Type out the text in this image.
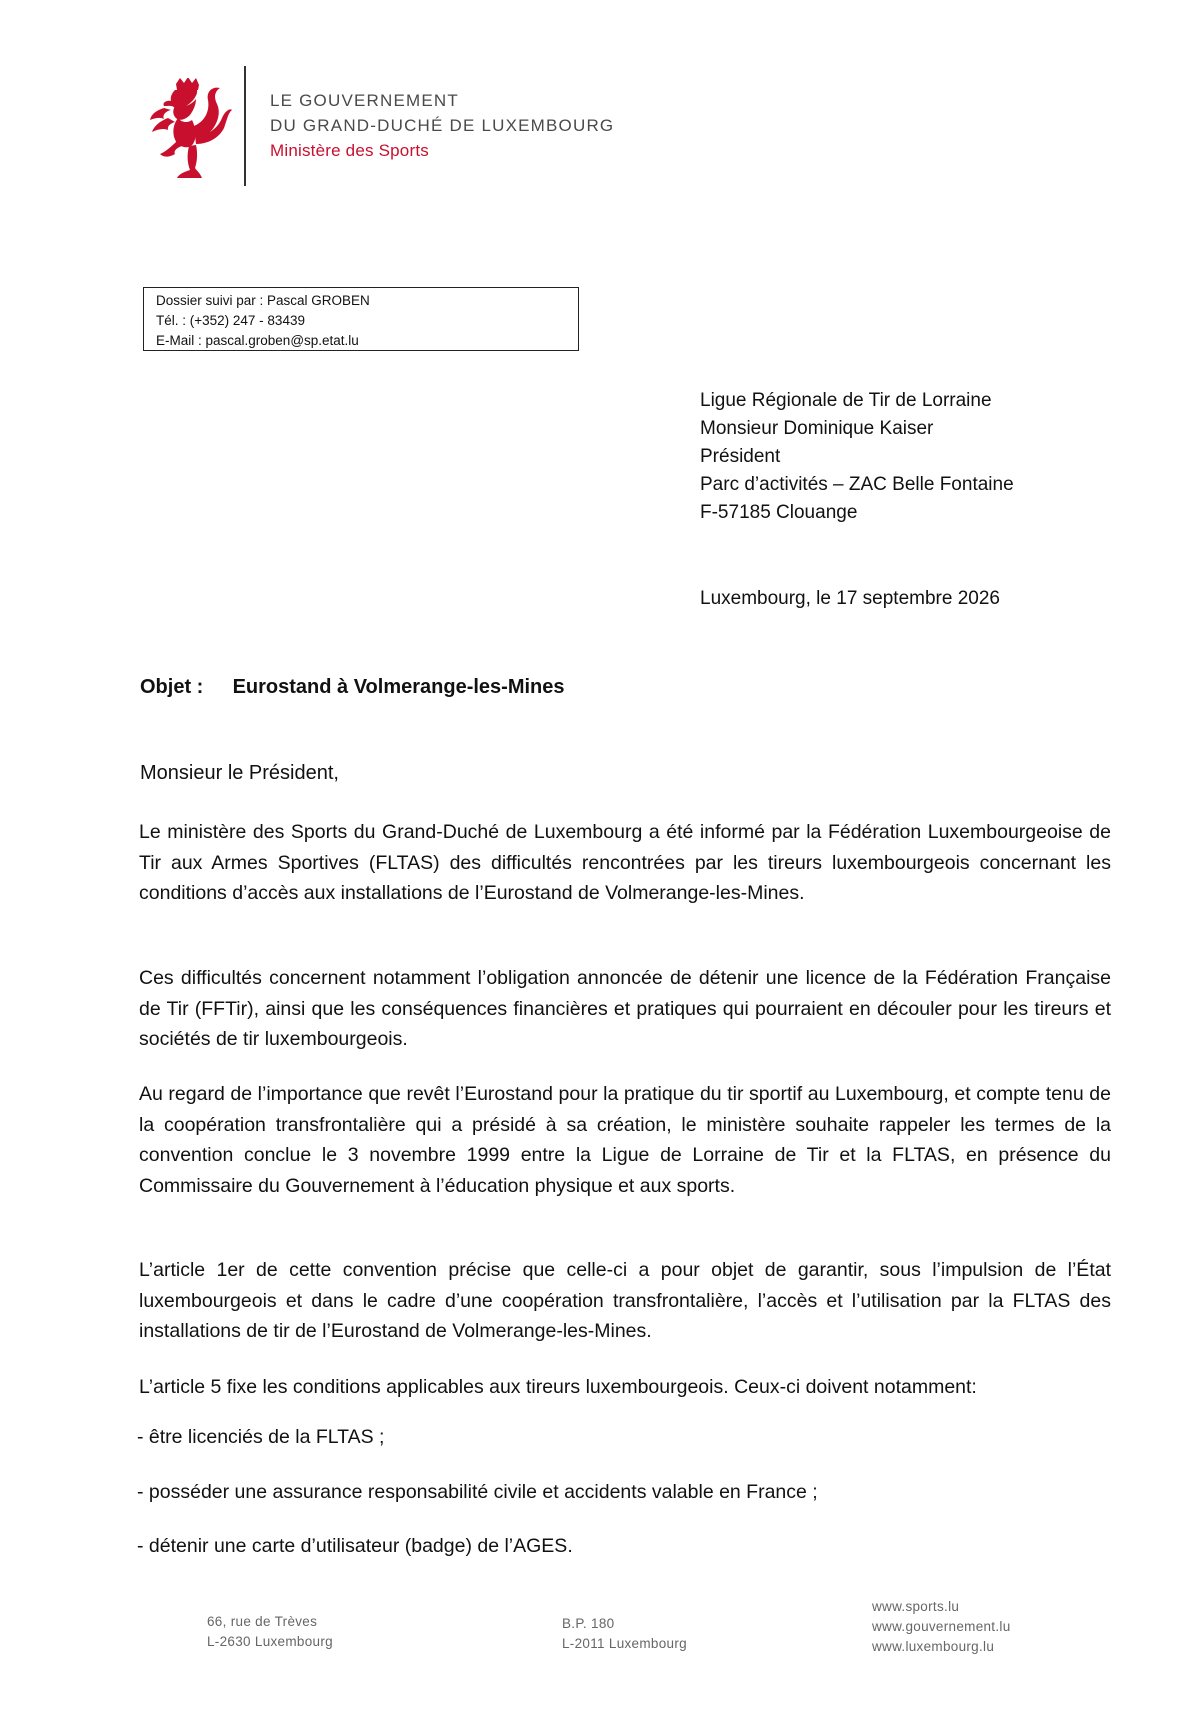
LE GOUVERNEMENT
DU GRAND-DUCHÉ DE LUXEMBOURG
Ministère des Sports
Dossier suivi par : Pascal GROBEN
Tél. : (+352) 247 - 83439
E-Mail : pascal.groben@sp.etat.lu
Ligue Régionale de Tir de Lorraine
Monsieur Dominique Kaiser
Président
Parc d’activités – ZAC Belle Fontaine
F-57185 Clouange
Luxembourg, le 17 septembre 2026
Objet : Eurostand à Volmerange-les-Mines
Monsieur le Président,

Le ministère des Sports du Grand-Duché de Luxembourg a été informé par la Fédération Luxembourgeoise de Tir aux Armes Sportives (FLTAS) des difficultés rencontrées par les tireurs luxembourgeois concernant les conditions d’accès aux installations de l’Eurostand de Volmerange-les-Mines.

Ces difficultés concernent notamment l’obligation annoncée de détenir une licence de la Fédération Française de Tir (FFTir), ainsi que les conséquences financières et pratiques qui pourraient en découler pour les tireurs et sociétés de tir luxembourgeois.

Au regard de l’importance que revêt l’Eurostand pour la pratique du tir sportif au Luxembourg, et compte tenu de la coopération transfrontalière qui a présidé à sa création, le ministère souhaite rappeler les termes de la convention conclue le 3 novembre 1999 entre la Ligue de Lorraine de Tir et la FLTAS, en présence du Commissaire du Gouvernement à l’éducation physique et aux sports.

L’article 1er de cette convention précise que celle-ci a pour objet de garantir, sous l’impulsion de l’État luxembourgeois et dans le cadre d’une coopération transfrontalière, l’accès et l’utilisation par la FLTAS des installations de tir de l’Eurostand de Volmerange-les-Mines.

L’article 5 fixe les conditions applicables aux tireurs luxembourgeois. Ceux-ci doivent notamment:

- être licenciés de la FLTAS ;
- posséder une assurance responsabilité civile et accidents valable en France ;
- détenir une carte d’utilisateur (badge) de l’AGES.
66, rue de Trèves
L-2630 Luxembourg
B.P. 180
L-2011 Luxembourg
www.sports.lu
www.gouvernement.lu
www.luxembourg.lu
